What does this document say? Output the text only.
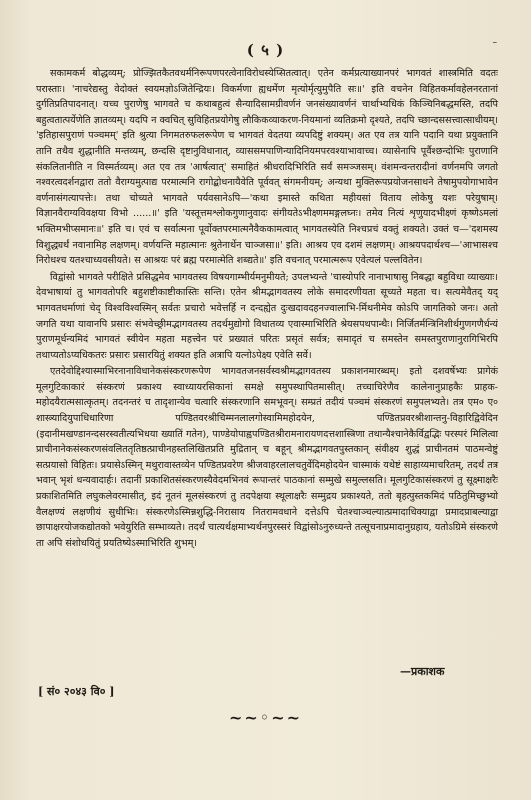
( ५ )	ᐨ

सकामकर्म बोद्धव्यम्; प्रोज्झितकैतवधर्मनिरूपणपरत्वेनाविरोधस्येप्सितत्वात्। एतेन कर्मप्रत्याख्यानपरं भागवतं शास्त्रमिति वदतः परास्ताः। 'नाचरेद्यस्तु वेदोक्तं स्वयमज्ञोऽजितेन्द्रियः। विकर्मणा ह्यधर्मेण मृत्योर्मृत्युमुपैति सः॥' इति वचनेन विहितकर्मावहेलनरतानां दुर्गतिप्रतिपादनात्। यच्च पुराणेषु भागवते च कथाबहुत्वं सैन्यादिसामग्रीवर्णनं जनसंख्यावर्णनं चार्थाभ्यधिकं किञ्चिनिबद्धमस्ति, तदपि बहुत्वतात्पर्येणेति ज्ञातव्यम्। यदपि न क्वचित् सुविहितप्रयोगेषु लौकिकव्याकरण-नियमानां व्यतिक्रमो दृश्यते, तदपि च्छान्दससत्त्वात्साधीयम्। 'इतिहासपुराणं पञ्चमम्' इति श्रुत्या निगमतरुफलरूपेण च भागवतं वेदतया व्यपदिष्टुं शक्यम्। अत एव तत्र यानि पदानि यथा प्रयुक्तानि तानि तथैव शुद्धानीति मन्तव्यम्, छन्दसि दृष्टानुविधानात्, व्याससमपाणिन्यादिनियमपरवश्याभावाच्च। व्यासेनापि पूर्वैश्छन्दोभिः पुराणानि संकलितानीति न विस्मर्तव्यम्। अत एव तत्र 'आर्षत्वात्' समाहितं श्रीधरादिभिरिति सर्वं समञ्जसम्। वंशमन्वन्तरादीनां वर्णनमपि जगतो नश्वरत्वदर्शनद्वारा ततो वैराग्यमुत्पाद्य परमात्मनि रागोद्बोधनायैवेति पूर्ववत् संगमनीयम्; अन्यथा मुक्तिरूपप्रयोजनसाधने तेषामुपयोगाभावेन वर्णनासंगत्यापत्तेः। तथा चोच्यते भागवते पर्यवसाने‌ऽपि—'कथा इमास्ते कथिता महीयसां विताय लोकेषु यशः परेयुषाम्। विज्ञानवैराग्यविवक्षया विभो ......॥' इति 'यस्तूत्तमश्लोकगुणानुवादः संगीयतेऽभीक्ष्णममङ्गलघ्नः। तमेव नित्यं शृणुयादभीक्ष्णं कृष्णेऽमलां भक्तिमभीप्समानः॥' इति च। एवं च सर्वात्मना पूर्वोक्तपरमात्मनैवैककामत्वात् भागवतस्येति निश्चप्रचं वक्तुं शक्यते। उक्तं च—'दशमस्य विशुद्ध्यर्थं नवानामिह लक्षणम्। वर्णयन्ति महात्मानः श्रुतेनार्थेन चाञ्जसा॥' इति। आश्रय एव दशमं लक्षणम्। आश्रयपदार्थश्च—'आभासश्च निरोधश्च यतश्चाध्यवसीयते। स आश्रयः परं ब्रह्म परमात्मेति शब्द्यते॥' इति वचनात् परमात्मरूप एवेत्यलं पल्लवितेन।

विद्वांसो भागवते परीक्षिते प्रसिद्धमेव भागवतस्य विषयगाम्भीर्यमनुमीयते; उपलभ्यन्ते 'चास्योपरि नानाभाषासु निबद्धा बहुविधा व्याख्याः। देवभाषायां तु भागवतोपरि बहुशष्टीकाष्टीकास्तिः सन्ति। एतेन श्रीमद्भागवतस्य लोके समादरणीयता सूच्यते महता च। सत्यमेवैतद् यद् भागवतधर्माणां चेद् विश्वविश्वस्मिन् सर्वतः प्रचारो भवेत्तर्हि न दन्दह्येत दुःखदावदहनज्वालाभि-र्मिथनीमेव कोऽपि जागतिको जनः। अतो जगति यथा यावानपि प्रसारः संभवेच्छ्रीमद्भागवतस्य तदर्थमुद्योगो विधातव्य एवास्माभिरिति श्रेयसपथपान्थैः। निर्जितर्मन्त्रिनिशीर्थगुणगणैर्धन्यं पुराणमूर्धन्यमिदं भागवतं स्वीयेन महता महत्त्वेन परं प्रख्यातं परितः प्रसृतं सर्वत्र; समादृतं च समस्तेन समस्तपुराणानुरागिभिरपि तथाप्यतोऽप्यधिकतरः प्रसारः प्रसारयितुं शक्यत इति अत्रापि यत्नोऽपेक्ष्य एवेति सर्वे।

एतदेवोद्दिश्यास्माभिरनानाविधानेकसंस्करणरूपेण भागवतजनसर्वस्वश्रीमद्भागवतस्य प्रकाशनमारब्धम्। इतो दशवर्षेभ्यः प्रागेकं मूलगुटिकाकारं संस्करणं प्रकाश्य स्वाध्यायरसिकानां समक्षे समुपस्थापितमासीत्। तच्चाचिरेणैव कालेनानुप्राहकैः प्राहक-महोदयैरात्मसात्कृतम्। तदनन्तरं च तादृशान्येव चत्वारि संस्करणानि समभूवन्। सम्प्रतं तदीयं पञ्चमं संस्करणं समुपलभ्यते। तत्र एम० ए० शास्त्र्यादियुपाधिधारिणा पण्डितवरश्रीचिम्मनलालगोस्वामिमहोदयेन, पण्डितप्रवरश्रीशान्तनु-विहारिद्विवेदिन (इदानीमखण्डानन्दसरस्वतीत्यभिधया ख्यातिं गतेन), पाण्डेयोपाह्वपण्डितश्रीरामनारायणदत्तशास्त्रिणा तथान्यैश्चानेकैर्विद्वद्भिः परस्परं मिलित्वा प्राचीनानेकसंस्करणसंवलिततृतिष्ठत्प्राचीनहस्तलिखितप्रति मुद्रितान् च बहून् श्रीमद्भागवतपुस्तकान् संवीक्ष्य शुद्धं प्राचीनतमं पाठमन्वेष्टुं सत्प्रयासो विहितः। प्रयासेऽस्मिन् मथुरावास्तव्येन पण्डितप्रवरेण श्रीजवाहरलालचतुर्वेदिमहोदयेन चास्माकं यथेष्टं साहाय्यमाचरितम्, तदर्थं तत्र भवान् भृशं धन्यवादार्हः। तदानीं प्रकाशितसंस्करणस्यैवेदमभिनवं रूपान्तरं पाठकानां सम्मुखे समुल्लसति। मूलगुटिकासंस्करणं तु सूक्ष्माक्षरैः प्रकाशितमिति लघुकलेवरमासीत्, इदं नूतनं मूलसंस्करणं तु तदपेक्षया स्थूलाक्षरैः सम्मुद्रय प्रकाश्यते, ततो बृहत्पुस्तकमिदं पठितुमिच्छुभ्यो वैलक्षण्यं लक्षणीयं सुधीभिः। संस्करणेऽस्मिन्नशुद्धि-निरासाय नितरामवधाने दत्तेऽपि चेतश्चाञ्चल्यात्प्रमादाधिक्याद्वा प्रमादप्राबल्याद्वा छापाक्षरयोजकद्योतको भवेयुरिति सम्भाव्यते। तदर्थं चात्यर्थक्षमाभ्यर्थनपुरस्सरं विद्वांसोऽनुरुध्यन्ते तत्सूचनाप्रमादानुग्रहाय, यतोऽग्रिमे संस्करणे ता अपि संशोधयितुं प्रयतिष्येऽस्माभिरिति शुभम्।

—प्रकाशक
[ सं० २०४३ वि० ]
~~◦~~
